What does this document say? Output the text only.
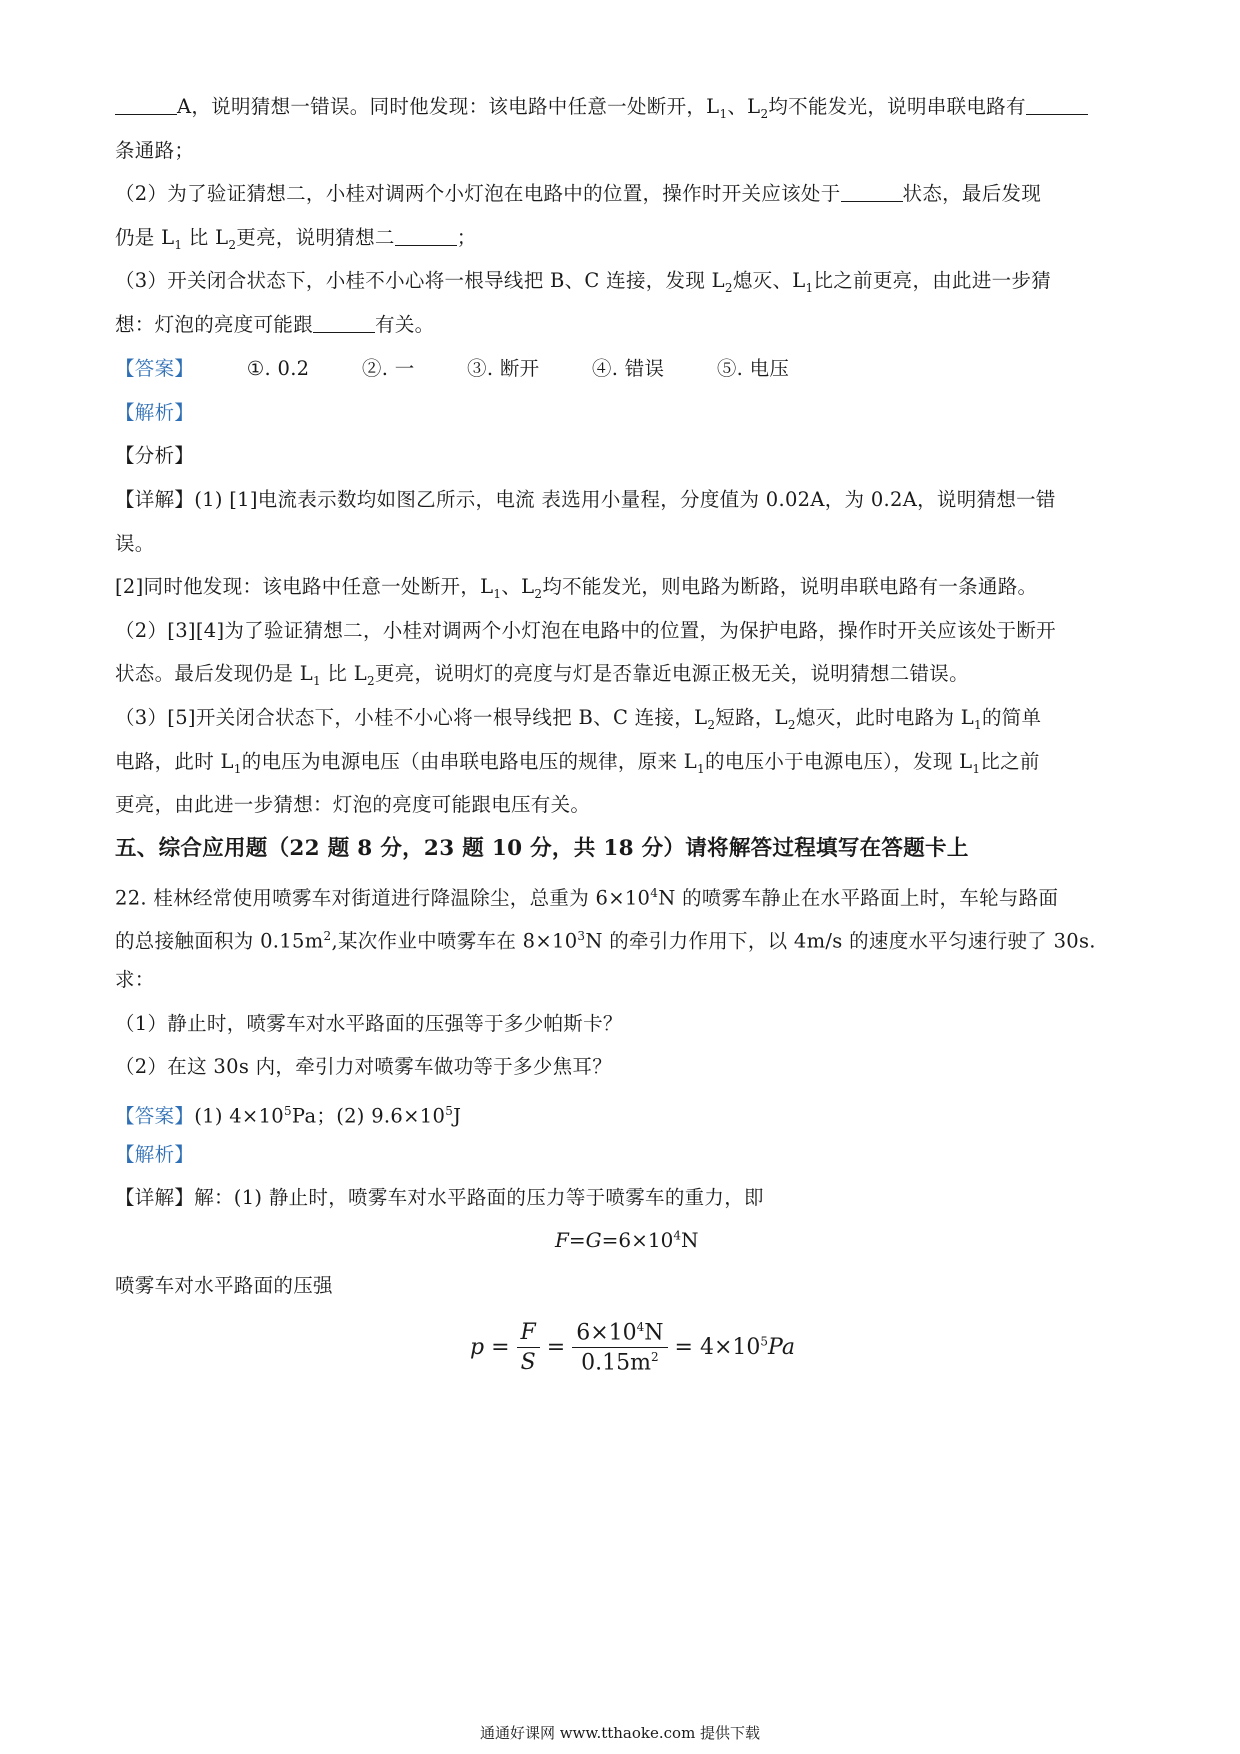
A，说明猜想一错误。同时他发现：该电路中任意一处断开，$L_1$、$L_2$均不能发光，说明串联电路有
条通路；
（2）为了验证猜想二，小桂对调两个小灯泡在电路中的位置，操作时开关应该处于	状态，最后发现
仍是 $L_1$ 比 $L_2$更亮，说明猜想二	；
（3）开关闭合状态下，小桂不小心将一根导线把 B、C 连接，发现 $L_2$熄灭、$L_1$比之前更亮，由此进一步猜
想：灯泡的亮度可能跟	有关。
【答案】	①. 0.2	②. 一	③. 断开	④. 错误	⑤. 电压
【解析】
【分析】
【详解】(1) [1]电流表示数均如图乙所示，电流 表选用小量程，分度值为 0.02A，为 0.2A，说明猜想一错
误。
[2]同时他发现：该电路中任意一处断开，$L_1$、$L_2$均不能发光，则电路为断路，说明串联电路有一条通路。
（2）[3][4]为了验证猜想二，小桂对调两个小灯泡在电路中的位置，为保护电路，操作时开关应该处于断开
状态。最后发现仍是 $L_1$ 比 $L_2$更亮，说明灯的亮度与灯是否靠近电源正极无关，说明猜想二错误。
（3）[5]开关闭合状态下，小桂不小心将一根导线把 B、C 连接，$L_2$短路，$L_2$熄灭，此时电路为 $L_1$的简单
电路，此时 $L_1$的电压为电源电压（由串联电路电压的规律，原来 $L_1$的电压小于电源电压），发现 $L_1$比之前
更亮，由此进一步猜想：灯泡的亮度可能跟电压有关。
五、综合应用题（22 题 8 分，23 题 10 分，共 18 分）请将解答过程填写在答题卡上
22. 桂林经常使用喷雾车对街道进行降温除尘，总重为 $6\times 10^4N$ 的喷雾车静止在水平路面上时，车轮与路面
的总接触面积为 $0.15m^2$,某次作业中喷雾车在 $8\times 10^3N$ 的牵引力作用下，以 4m/s 的速度水平匀速行驶了 30s.
求：
（1）静止时，喷雾车对水平路面的压强等于多少帕斯卡？
（2）在这 30s 内，牵引力对喷雾车做功等于多少焦耳？
【答案】(1) $4\times 10^5Pa$；(2) $9.6\times 10^5J$
【解析】
【详解】解：(1) 静止时，喷雾车对水平路面的压力等于喷雾车的重力，即
$F=G=6\times 10^4N$
喷雾车对水平路面的压强
$p = \frac{F}{S} = \frac{6\times 10^4N}{0.15m^2} = 4\times 10^5Pa$
通通好课网 www.tthaoke.com 提供下载
